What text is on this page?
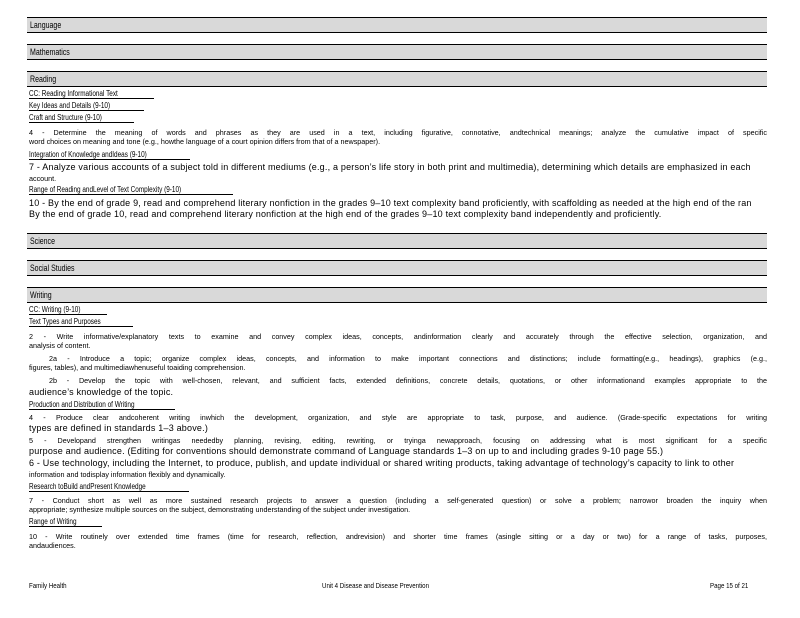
Language
Mathematics
Reading
CC: Reading Informational Text
Key Ideas and Details (9-10)
Craft and Structure (9-10)
4 - Determine the meaning of words and phrases as they are used in a text, including figurative, connotative, andtechnical meanings; analyze the cumulative impact of specific
word choices on meaning and tone (e.g., howthe language of a court opinion differs from that of a newspaper).
Integration of Knowledge andIdeas (9-10)
7 - Analyze various accounts of a subject told in different mediums (e.g., a person’s life story in both print and multimedia), determining which details are emphasized in each
account.
Range of Reading andLevel of Text Complexity (9-10)
10 - By the end of grade 9, read and comprehend literary nonfiction in the grades 9–10 text complexity band proficiently, with scaffolding as needed at the high end of the ran
By the end of grade 10, read and comprehend literary nonfiction at the high end of the grades 9–10 text complexity band independently and proficiently.
Science
Social Studies
Writing
CC: Writing (9-10)
Text Types and Purposes
2 - Write informative/explanatory texts to examine and convey complex ideas, concepts, andinformation clearly and accurately through the effective selection, organization, and
analysis of content.
2a - Introduce a topic; organize complex ideas, concepts, and information to make important connections and distinctions; include formatting(e.g., headings), graphics (e.g.,
figures, tables), and multimediawhenuseful toaiding comprehension.
2b - Develop the topic with well-chosen, relevant, and sufficient facts, extended definitions, concrete details, quotations, or other informationand examples appropriate to the
audience’s knowledge of the topic.
Production and Distribution of Writing
4 - Produce clear andcoherent writing inwhich the development, organization, and style are appropriate to task, purpose, and audience. (Grade-specific expectations for writing
types are defined in standards 1–3 above.)
5 - Developand strengthen writingas neededby planning, revising, editing, rewriting, or tryinga newapproach, focusing on addressing what is most significant for a specific
purpose and audience. (Editing for conventions should demonstrate command of Language standards 1–3 on up to and including grades 9-10 page 55.)
6 - Use technology, including the Internet, to produce, publish, and update individual or shared writing products, taking advantage of technology’s capacity to link to other
information and todisplay information flexibly and dynamically.
Research toBuild andPresent Knowledge
7 - Conduct short as well as more sustained research projects to answer a question (including a self-generated question) or solve a problem; narrowor broaden the inquiry when
appropriate; synthesize multiple sources on the subject, demonstrating understanding of the subject under investigation.
Range of Writing
10 - Write routinely over extended time frames (time for research, reflection, andrevision) and shorter time frames (asingle sitting or a day or two) for a range of tasks, purposes,
andaudiences.
Family Health	Unit 4 Disease and Disease Prevention	Page 15 of 21
